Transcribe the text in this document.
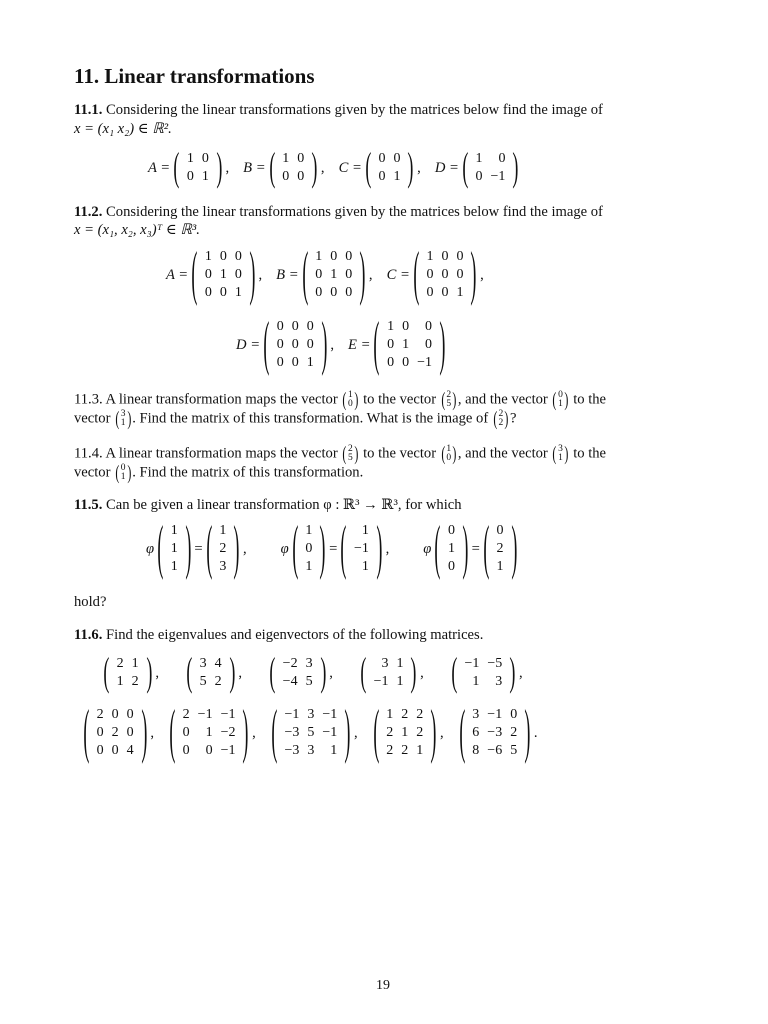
11. Linear transformations
11.1. Considering the linear transformations given by the matrices below find the image of
x = (x₁ x₂) ∈ ℝ².
A = ( 1	0
0	1 ) , B = ( 1	0
0	0 ) , C = ( 0	0
0	1 ) , D = ( 1	0
0	−1 )
11.2. Considering the linear transformations given by the matrices below find the image of
x = (x₁, x₂, x₃)ᵀ ∈ ℝ³.
A = ( 1	0	0
0	1	0
0	0	1 ) , B = ( 1	0	0
0	1	0
0	0	0 ) , C = ( 1	0	0
0	0	0
0	0	1 ) ,
D = ( 0	0	0
0	0	0
0	0	1 ) , E = ( 1	0	0
0	1	0
0	0	−1 )
11.3. A linear transformation maps the vector ( 1
0 ) to the vector ( 2
5 ) , and the vector ( 0
1 ) to the
vector ( 3
1 ) . Find the matrix of this transformation. What is the image of ( 2
2 ) ?
11.4. A linear transformation maps the vector ( 2
5 ) to the vector ( 1
0 ) , and the vector ( 3
1 ) to the
vector ( 0
1 ) . Find the matrix of this transformation.
11.5. Can be given a linear transformation φ : ℝ³ → ℝ³, for which
φ ( 1
1
1 ) = ( 1
2
3 ) , φ ( 1
0
1 ) = ( 1
−1
1 ) , φ ( 0
1
0 ) = ( 0
2
1 )
hold?
11.6. Find the eigenvalues and eigenvectors of the following matrices.
( 2	1
1	2 ) , ( 3	4
5	2 ) , ( −2	3
−4	5 ) , ( 3	1
−1	1 ) , ( −1	−5
1	3 ) ,
( 2	0	0
0	2	0
0	0	4 ) , ( 2	−1	−1
0	1	−2
0	0	−1 ) , ( −1	3	−1
−3	5	−1
−3	3	1 ) , ( 1	2	2
2	1	2
2	2	1 ) , ( 3	−1	0
6	−3	2
8	−6	5 ) .
19
